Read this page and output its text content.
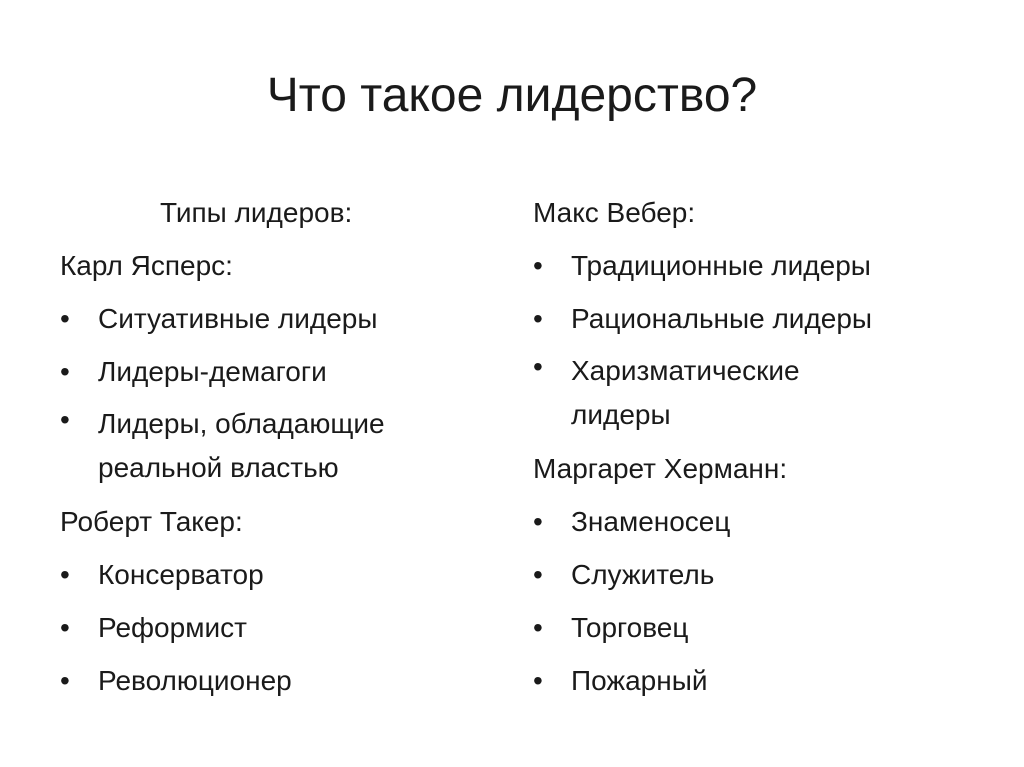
Что такое лидерство?
Типы лидеров:
Карл Ясперс:
• Ситуативные лидеры
• Лидеры-демагоги
• Лидеры, обладающие реальной властью
Роберт Такер:
• Консерватор
• Реформист
• Революционер
Макс Вебер:
• Традиционные лидеры
• Рациональные лидеры
• Харизматические лидеры
Маргарет Херманн:
• Знаменосец
• Служитель
• Торговец
• Пожарный
